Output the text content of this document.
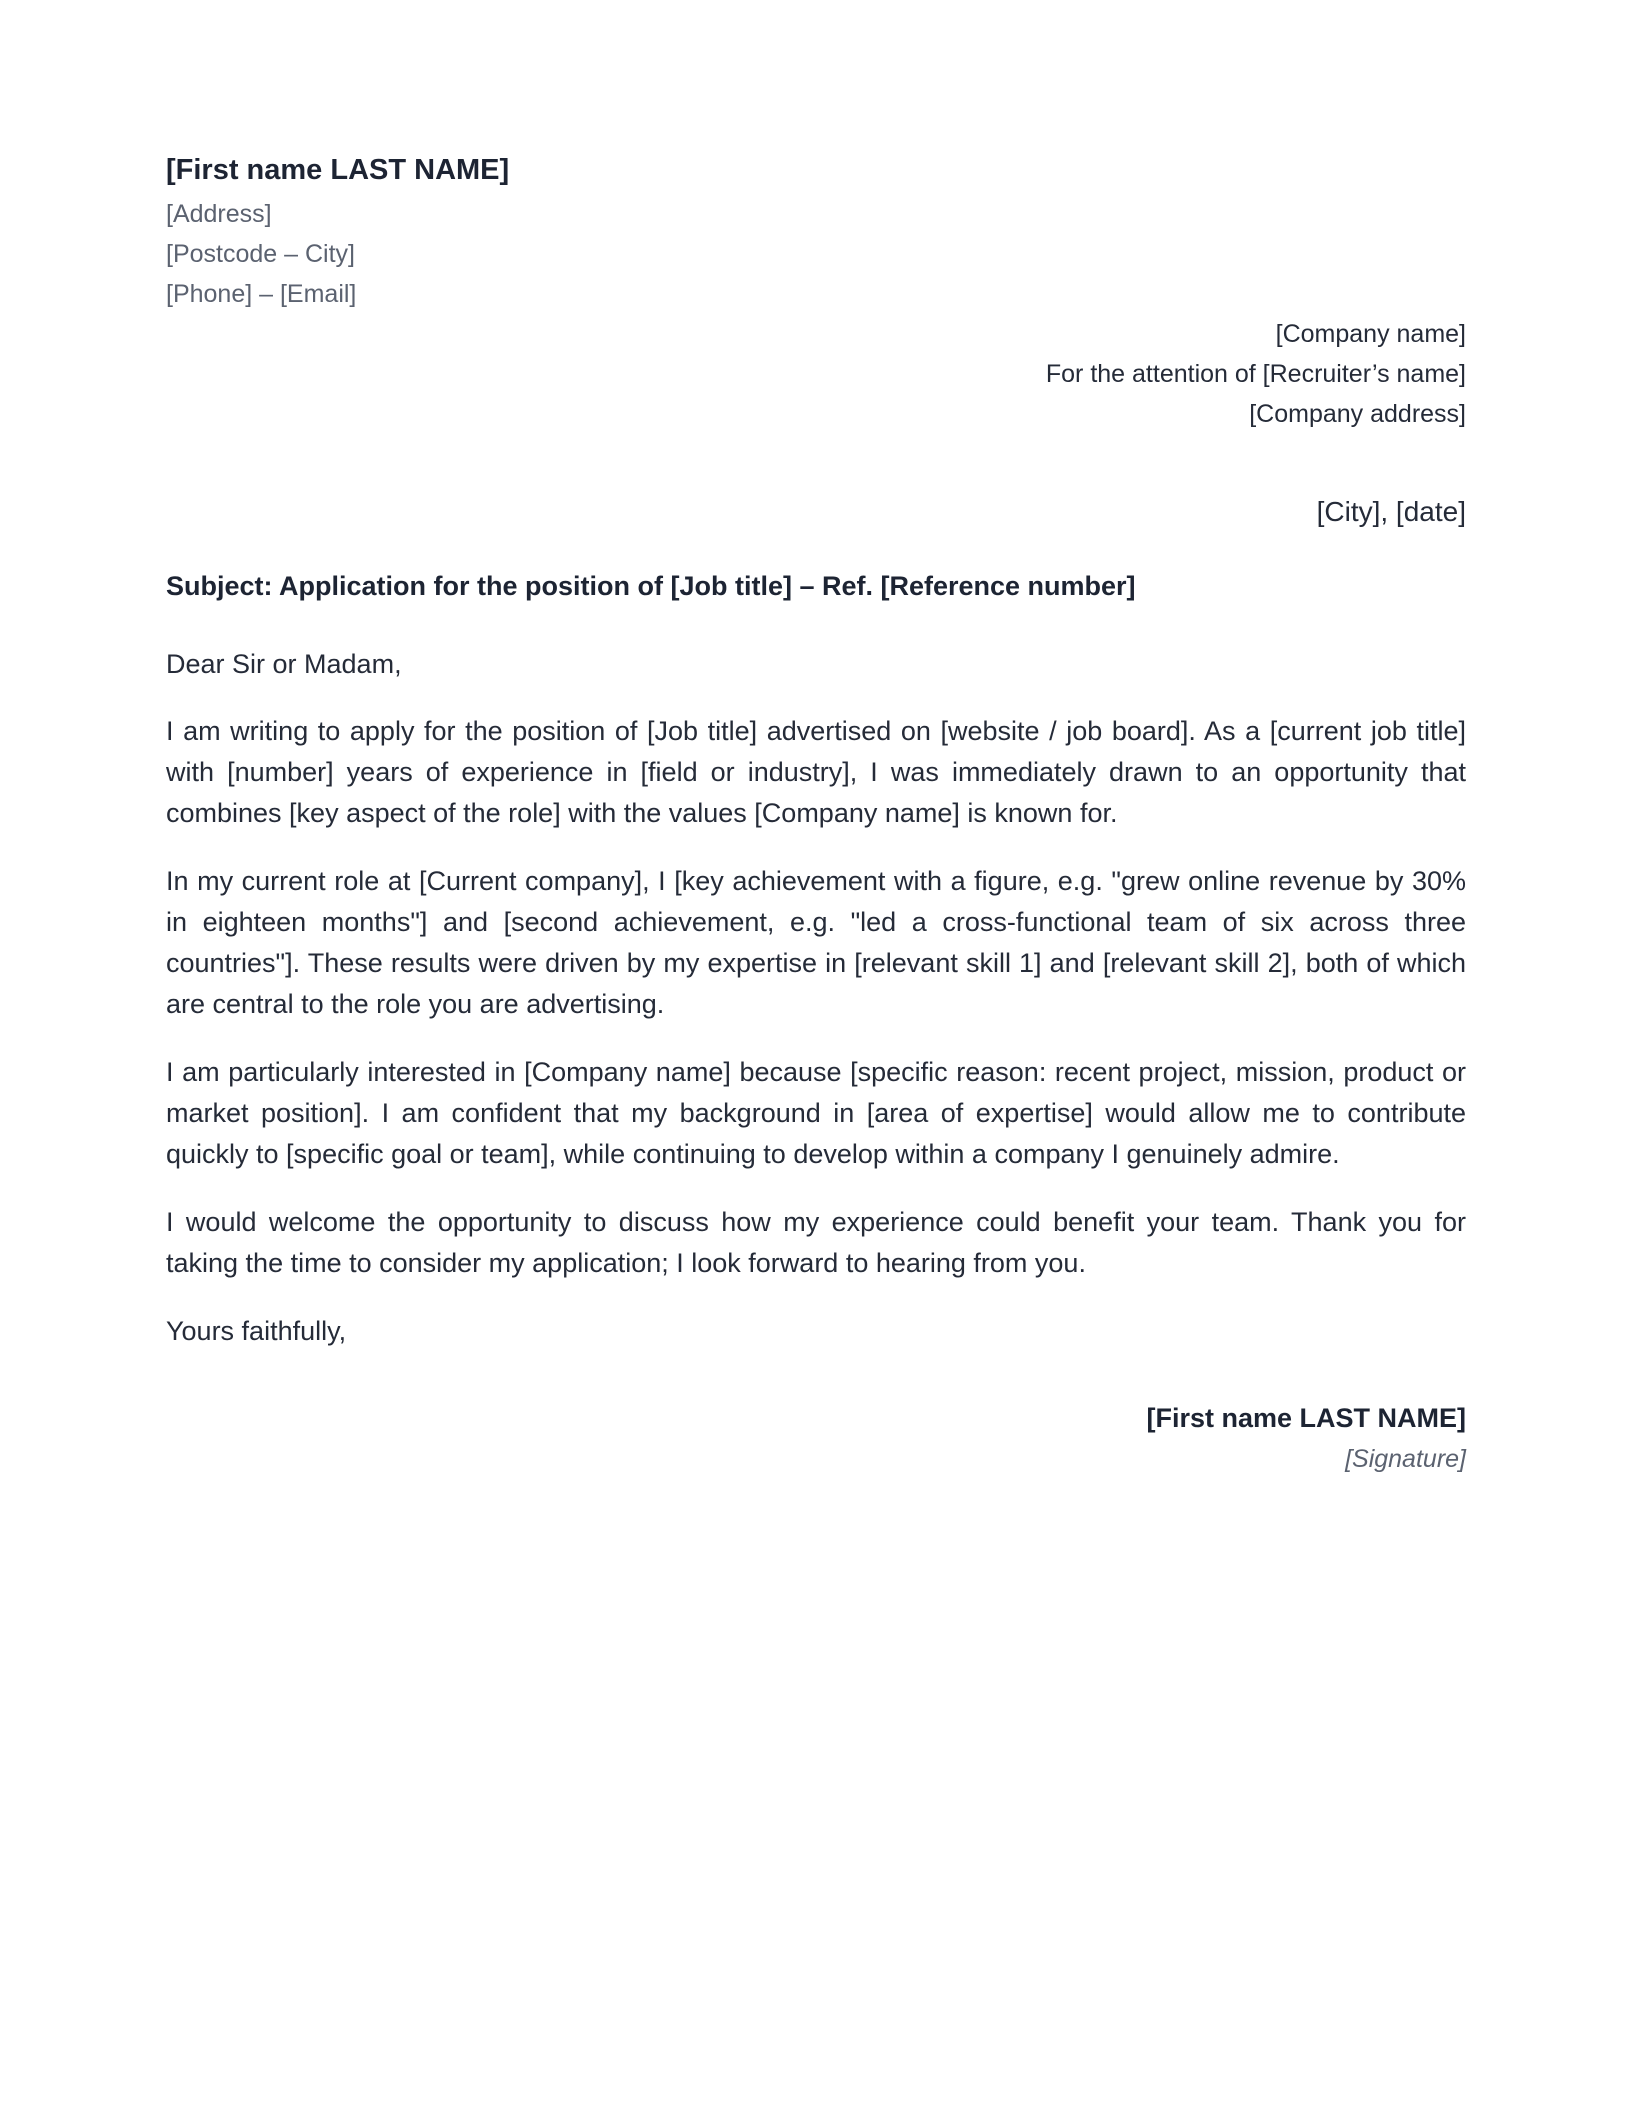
[First name LAST NAME]
[Address]
[Postcode – City]
[Phone] – [Email]
[Company name]
For the attention of [Recruiter’s name]
[Company address]
[City], [date]
Subject: Application for the position of [Job title] – Ref. [Reference number]
Dear Sir or Madam,

I am writing to apply for the position of [Job title] advertised on [website / job board]. As a [current job title] with [number] years of experience in [field or industry], I was immediately drawn to an opportunity that combines [key aspect of the role] with the values [Company name] is known for.

In my current role at [Current company], I [key achievement with a figure, e.g. "grew online revenue by 30% in eighteen months"] and [second achievement, e.g. "led a cross-functional team of six across three countries"]. These results were driven by my expertise in [relevant skill 1] and [relevant skill 2], both of which are central to the role you are advertising.

I am particularly interested in [Company name] because [specific reason: recent project, mission, product or market position]. I am confident that my background in [area of expertise] would allow me to contribute quickly to [specific goal or team], while continuing to develop within a company I genuinely admire.

I would welcome the opportunity to discuss how my experience could benefit your team. Thank you for taking the time to consider my application; I look forward to hearing from you.

Yours faithfully,
[First name LAST NAME]
[Signature]
